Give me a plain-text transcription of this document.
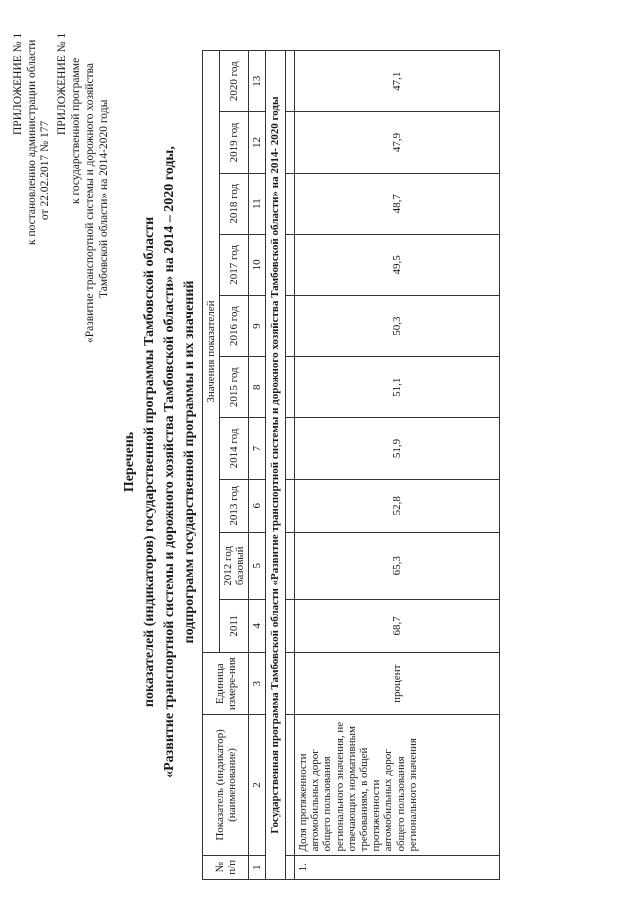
ПРИЛОЖЕНИЕ № 1 к постановлению администрации области от 22.02.2017 № 177
ПРИЛОЖЕНИЕ № 1 к государственной программе «Развитие транспортной системы и дорожного хозяйства Тамбовской области» на 2014-2020 годы
Перечень показателей (индикаторов) государственной программы Тамбовской области «Развитие транспортной системы и дорожного хозяйства Тамбовской области» на 2014 – 2020 годы, подпрограмм государственной программы и их значений
№ п/п	Показатель (индикатор) (наименование)	Единица измере-ния	Значения показателей									
			2011	2012 год базовый	2013 год	2014 год	2015 год	2016 год	2017 год	2018 год	2019 год	2020 год
1	2	3	4	5	6	7	8	9	10	11	12	13
Государственная программа Тамбовской области «Развитие транспортной системы и дорожного хозяйства Тамбовской области» на 2014- 2020 годы												

1.	Доля протяженности автомобильных дорог общего пользования регионального значения, не отвечающих нормативным требованиям, в общей протяженности автомобильных дорог общего пользования регионального значения	процент	68,7	65,3	52,8	51,9	51,1	50,3	49,5	48,7	47,9	47,1
